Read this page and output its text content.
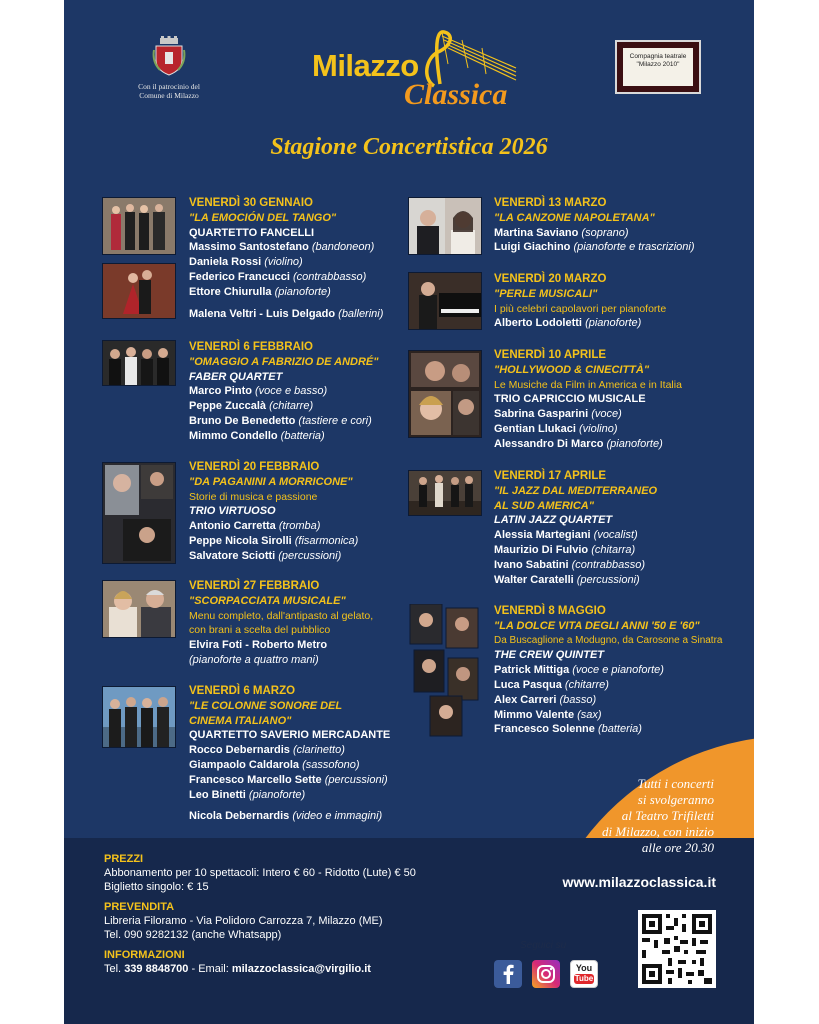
Con il patrocinio del
Comune di Milazzo
Milazzo
Classica
Compagnia teatrale
"Milazzo 2010"
Stagione Concertistica 2026
VENERDÌ 30 GENNAIO
"LA EMOCIÓN DEL TANGO"
QUARTETTO FANCELLI
Massimo Santostefano (bandoneon)
Daniela Rossi (violino)
Federico Francucci (contrabbasso)
Ettore Chiurulla (pianoforte)
Malena Veltri - Luis Delgado (ballerini)
VENERDÌ 6 FEBBRAIO
"OMAGGIO A FABRIZIO DE ANDRÉ"
FABER QUARTET
Marco Pinto (voce e basso)
Peppe Zuccalà (chitarre)
Bruno De Benedetto (tastiere e cori)
Mimmo Condello (batteria)
VENERDÌ 20 FEBBRAIO
"DA PAGANINI A MORRICONE"
Storie di musica e passione
TRIO VIRTUOSO
Antonio Carretta (tromba)
Peppe Nicola Sirolli (fisarmonica)
Salvatore Sciotti (percussioni)
VENERDÌ 27 FEBBRAIO
"SCORPACCIATA MUSICALE"
Menu completo, dall'antipasto al gelato,
con brani a scelta del pubblico
Elvira Foti - Roberto Metro
(pianoforte a quattro mani)
VENERDÌ 6 MARZO
"LE COLONNE SONORE DEL
CINEMA ITALIANO"
QUARTETTO SAVERIO MERCADANTE
Rocco Debernardis (clarinetto)
Giampaolo Caldarola (sassofono)
Francesco Marcello Sette (percussioni)
Leo Binetti (pianoforte)
Nicola Debernardis (video e immagini)
VENERDÌ 13 MARZO
"LA CANZONE NAPOLETANA"
Martina Saviano (soprano)
Luigi Giachino (pianoforte e trascrizioni)
VENERDÌ 20 MARZO
"PERLE MUSICALI"
I più celebri capolavori per pianoforte
Alberto Lodoletti (pianoforte)
VENERDÌ 10 APRILE
"HOLLYWOOD & CINECITTÀ"
Le Musiche da Film in America e in Italia
TRIO CAPRICCIO MUSICALE
Sabrina Gasparini (voce)
Gentian Llukaci (violino)
Alessandro Di Marco (pianoforte)
VENERDÌ 17 APRILE
"IL JAZZ DAL MEDITERRANEO
AL SUD AMERICA"
LATIN JAZZ QUARTET
Alessia Martegiani (vocalist)
Maurizio Di Fulvio (chitarra)
Ivano Sabatini (contrabbasso)
Walter Caratelli (percussioni)
VENERDÌ 8 MAGGIO
"LA DOLCE VITA DEGLI ANNI '50 E '60"
Da Buscaglione a Modugno, da Carosone a Sinatra
THE CREW QUINTET
Patrick Mittiga (voce e pianoforte)
Luca Pasqua (chitarre)
Alex Carreri (basso)
Mimmo Valente (sax)
Francesco Solenne (batteria)
Tutti i concerti
si svolgeranno
al Teatro Trifiletti
di Milazzo, con inizio
alle ore 20.30
www.milazzoclassica.it
PREZZI
Abbonamento per 10 spettacoli: Intero € 60 - Ridotto (Lute) € 50
Biglietto singolo: € 15
PREVENDITA
Libreria Filoramo - Via Polidoro Carrozza 7, Milazzo (ME)
Tel. 090 9282132 (anche Whatsapp)
INFORMAZIONI
Tel. 339 8848700 - Email: milazzoclassica@virgilio.it
Seguici su
You
Tube
